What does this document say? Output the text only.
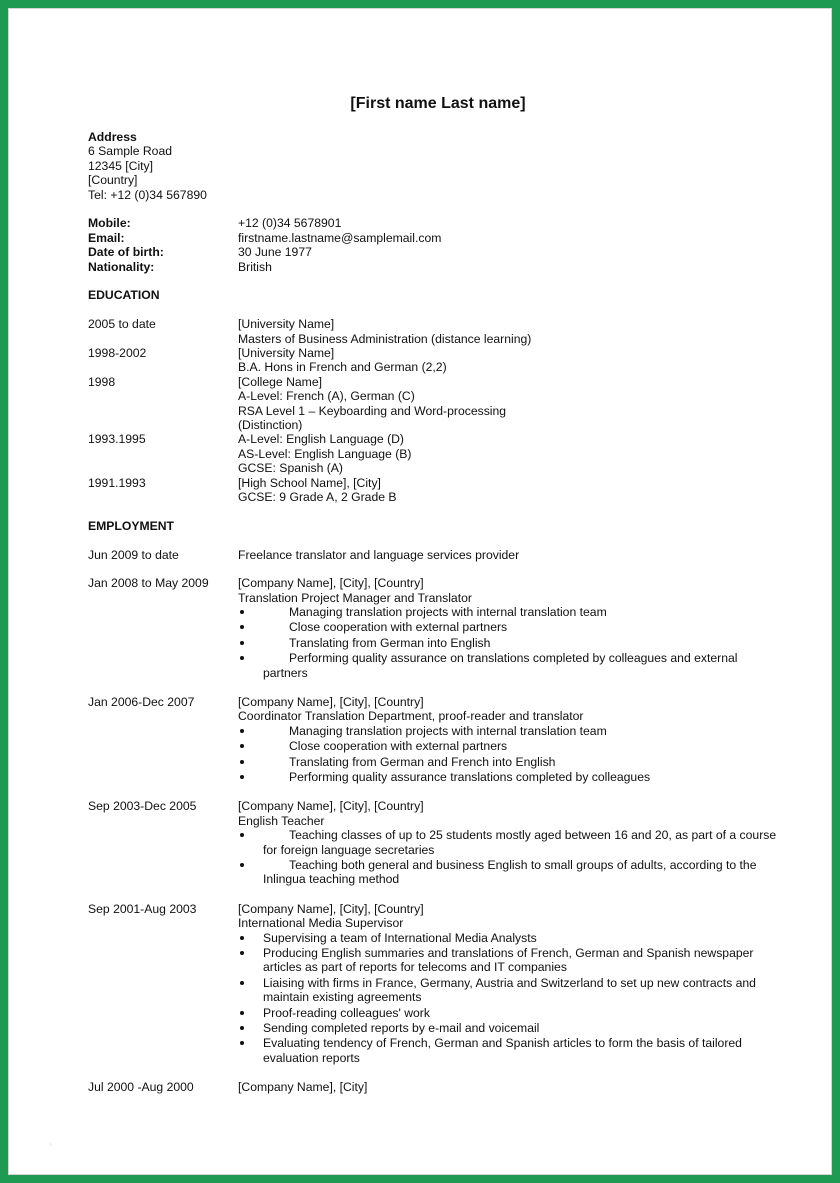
[First name Last name]
Address
6 Sample Road
12345 [City]
[Country]
Tel: +12 (0)34 567890
Mobile:	+12 (0)34 5678901
Email:	firstname.lastname@samplemail.com
Date of birth:	30 June 1977
Nationality:	British
EDUCATION
2005 to date	[University Name]
Masters of Business Administration (distance learning)
1998-2002	[University Name]
B.A. Hons in French and German (2,2)
1998	[College Name]
A-Level: French (A), German (C)
RSA Level 1 – Keyboarding and Word-processing
(Distinction)
1993.1995	A-Level: English Language (D)
AS-Level: English Language (B)
GCSE: Spanish (A)
1991.1993	[High School Name], [City]
GCSE: 9 Grade A, 2 Grade B
EMPLOYMENT
Jun 2009 to date	Freelance translator and language services provider
Jan 2008 to May 2009	[Company Name], [City], [Country]
Translation Project Manager and Translator
Managing translation projects with internal translation team
Close cooperation with external partners
Translating from German into English
Performing quality assurance on translations completed by colleagues and external partners
Jan 2006-Dec 2007	[Company Name], [City], [Country]
Coordinator Translation Department, proof-reader and translator
Managing translation projects with internal translation team
Close cooperation with external partners
Translating from German and French into English
Performing quality assurance translations completed by colleagues
Sep 2003-Dec 2005	[Company Name], [City], [Country]
English Teacher
Teaching classes of up to 25 students mostly aged between 16 and 20, as part of a course for foreign language secretaries
Teaching both general and business English to small groups of adults, according to the Inlingua teaching method
Sep 2001-Aug 2003	[Company Name], [City], [Country]
International Media Supervisor
Supervising a team of International Media Analysts
Producing English summaries and translations of French, German and Spanish newspaper articles as part of reports for telecoms and IT companies
Liaising with firms in France, Germany, Austria and Switzerland to set up new contracts and maintain existing agreements
Proof-reading colleagues' work
Sending completed reports by e-mail and voicemail
Evaluating tendency of French, German and Spanish articles to form the basis of tailored evaluation reports
Jul 2000 -Aug 2000	[Company Name], [City]
◦
